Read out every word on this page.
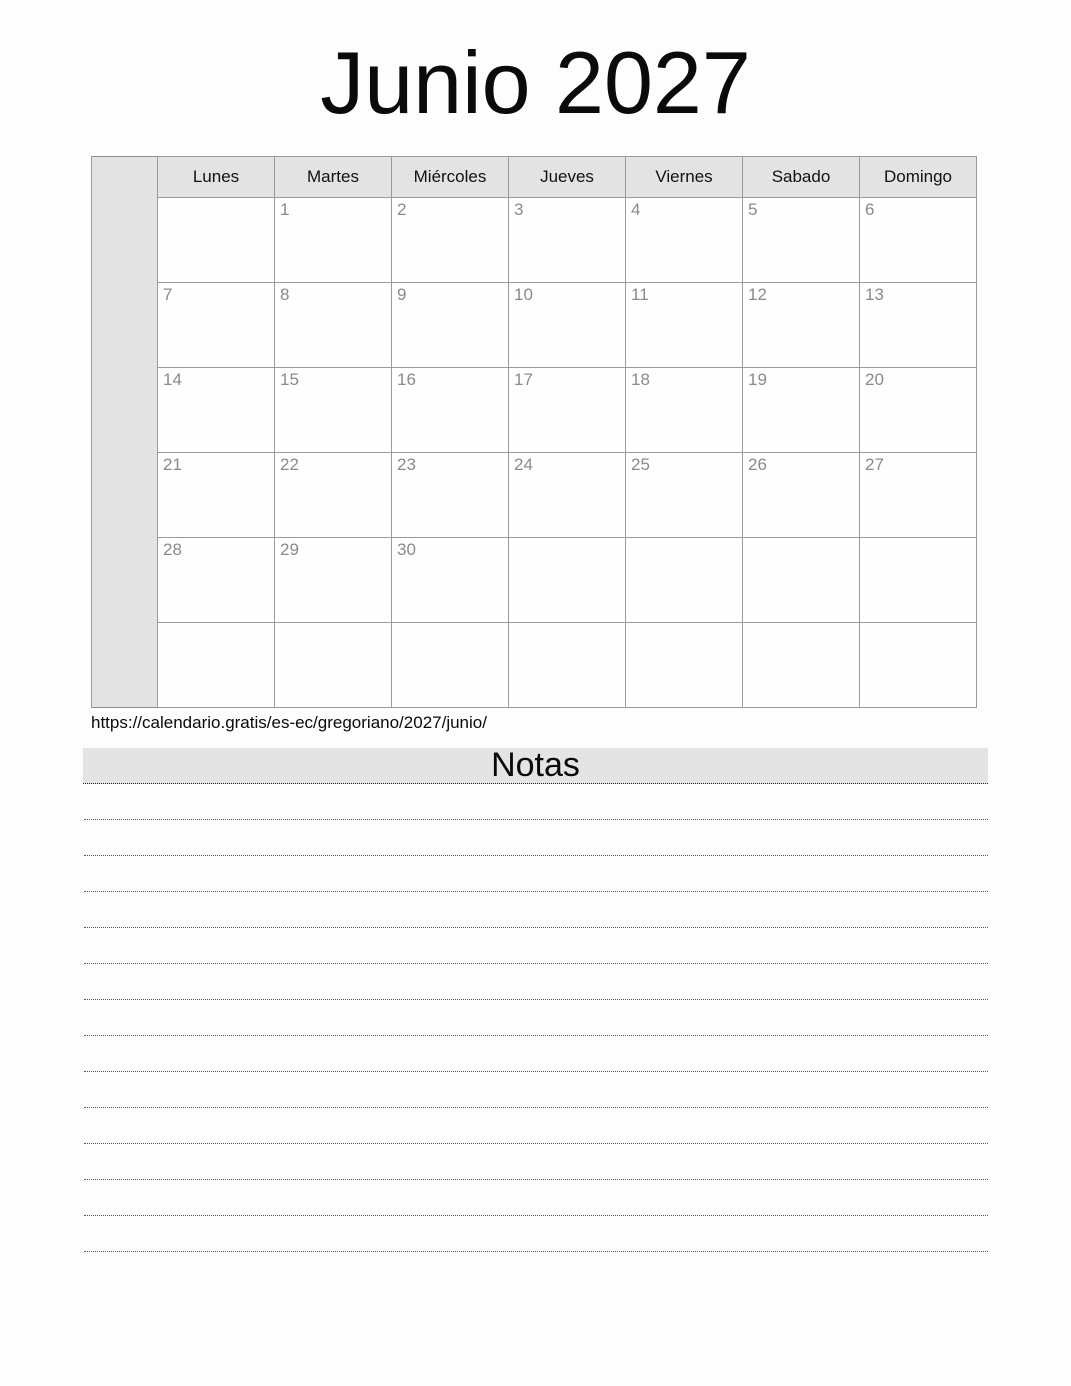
Junio 2027
	Lunes	Martes	Miércoles	Jueves	Viernes	Sabado	Domingo
		1	2	3	4	5	6
	7	8	9	10	11	12	13
	14	15	16	17	18	19	20
	21	22	23	24	25	26	27
	28	29	30				

https://calendario.gratis/es-ec/gregoriano/2027/junio/
Notas
